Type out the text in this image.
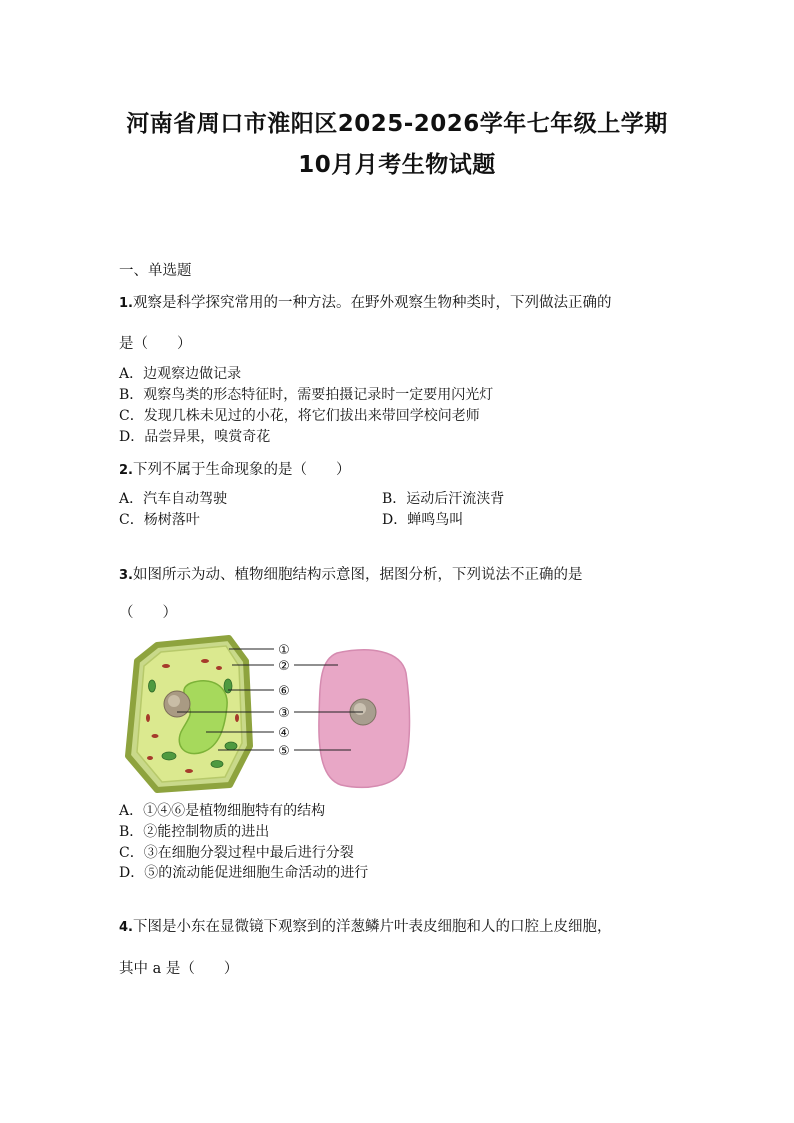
河南省周口市淮阳区2025-2026学年七年级上学期
10月月考生物试题
一、单选题
1.观察是科学探究常用的一种方法。在野外观察生物种类时，下列做法正确的
是（　　）
A．边观察边做记录
B．观察鸟类的形态特征时，需要拍摄记录时一定要用闪光灯
C．发现几株未见过的小花，将它们拔出来带回学校问老师
D．品尝异果，嗅赏奇花
2.下列不属于生命现象的是（　　）
A．汽车自动驾驶	B．运动后汗流浃背
C．杨树落叶	D．蝉鸣鸟叫
3.如图所示为动、植物细胞结构示意图，据图分析，下列说法不正确的是
（　　）
①
②
⑥
③
④
⑤
A．①④⑥是植物细胞特有的结构
B．②能控制物质的进出
C．③在细胞分裂过程中最后进行分裂
D．⑤的流动能促进细胞生命活动的进行
4.下图是小东在显微镜下观察到的洋葱鳞片叶表皮细胞和人的口腔上皮细胞，
其中 a 是（　　）
